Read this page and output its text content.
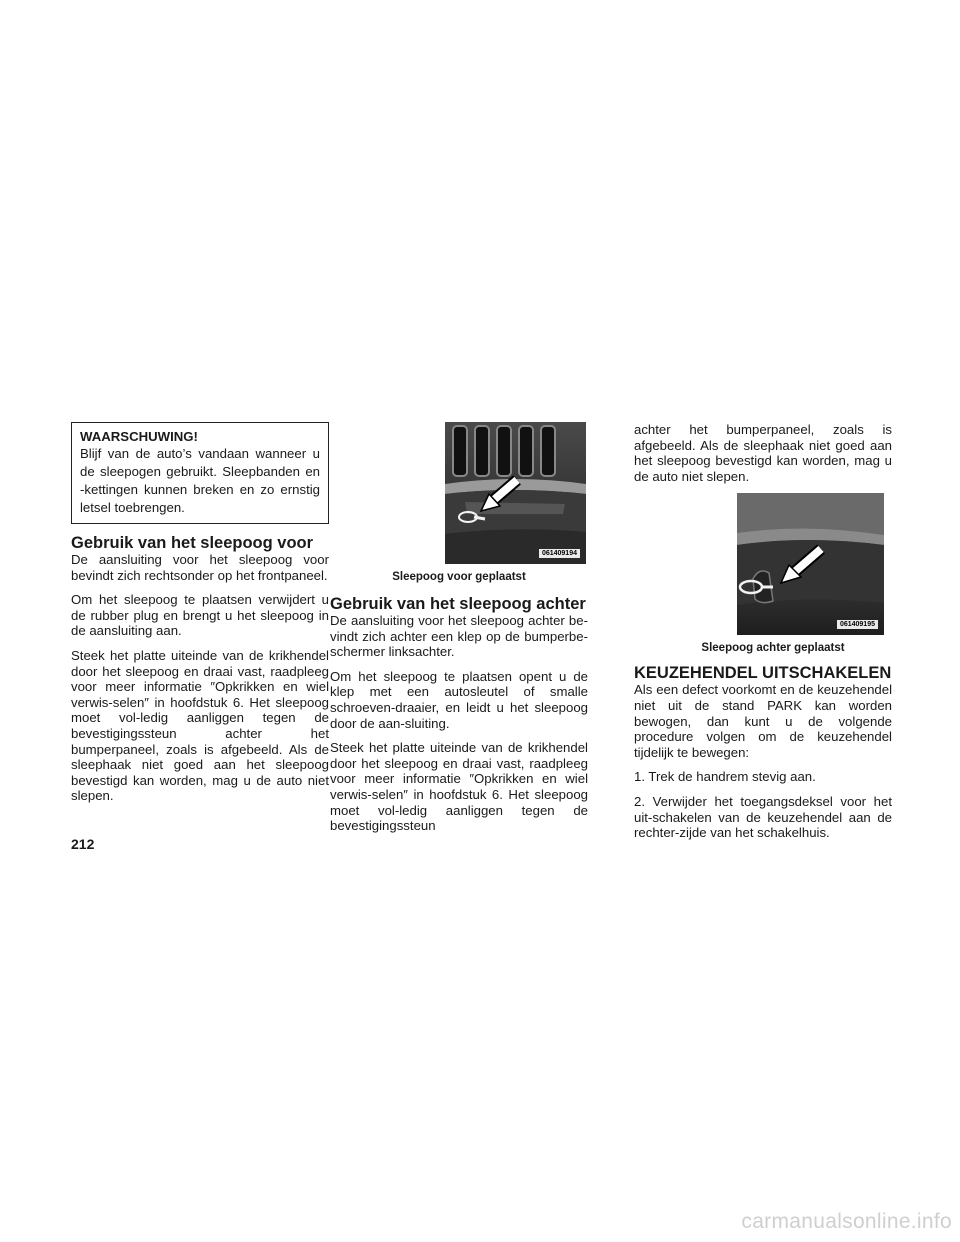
WAARSCHUWING!

Blijf van de auto’s vandaan wanneer u de sleepogen gebruikt. Sleepbanden en -kettingen kunnen breken en zo ernstig letsel toebrengen.

Gebruik van het sleepoog voor

De aansluiting voor het sleepoog voor bevindt zich rechtsonder op het frontpaneel.

Om het sleepoog te plaatsen verwijdert u de rubber plug en brengt u het sleepoog in de aansluiting aan.

Steek het platte uiteinde van de krikhendel door het sleepoog en draai vast, raadpleeg voor meer informatie ″Opkrikken en wiel verwis-selen″ in hoofdstuk 6. Het sleepoog moet vol-ledig aanliggen tegen de bevestigingssteun achter het bumperpaneel, zoals is afgebeeld. Als de sleephaak niet goed aan het sleepoog bevestigd kan worden, mag u de auto niet slepen.

061409194
Sleepoog voor geplaatst
Gebruik van het sleepoog achter

De aansluiting voor het sleepoog achter be-vindt zich achter een klep op de bumperbe-schermer linksachter.

Om het sleepoog te plaatsen opent u de klep met een autosleutel of smalle schroeven-draaier, en leidt u het sleepoog door de aan-sluiting.

Steek het platte uiteinde van de krikhendel door het sleepoog en draai vast, raadpleeg voor meer informatie ″Opkrikken en wiel verwis-selen″ in hoofdstuk 6. Het sleepoog moet vol-ledig aanliggen tegen de bevestigingssteun

achter het bumperpaneel, zoals is afgebeeld. Als de sleephaak niet goed aan het sleepoog bevestigd kan worden, mag u de auto niet slepen.

061409195
Sleepoog achter geplaatst
KEUZEHENDEL UITSCHAKELEN

Als een defect voorkomt en de keuzehendel niet uit de stand PARK kan worden bewogen, dan kunt u de volgende procedure volgen om de keuzehendel tijdelijk te bewegen:

1. Trek de handrem stevig aan.

2. Verwijder het toegangsdeksel voor het uit-schakelen van de keuzehendel aan de rechter-zijde van het schakelhuis.

212
carmanualsonline.info
